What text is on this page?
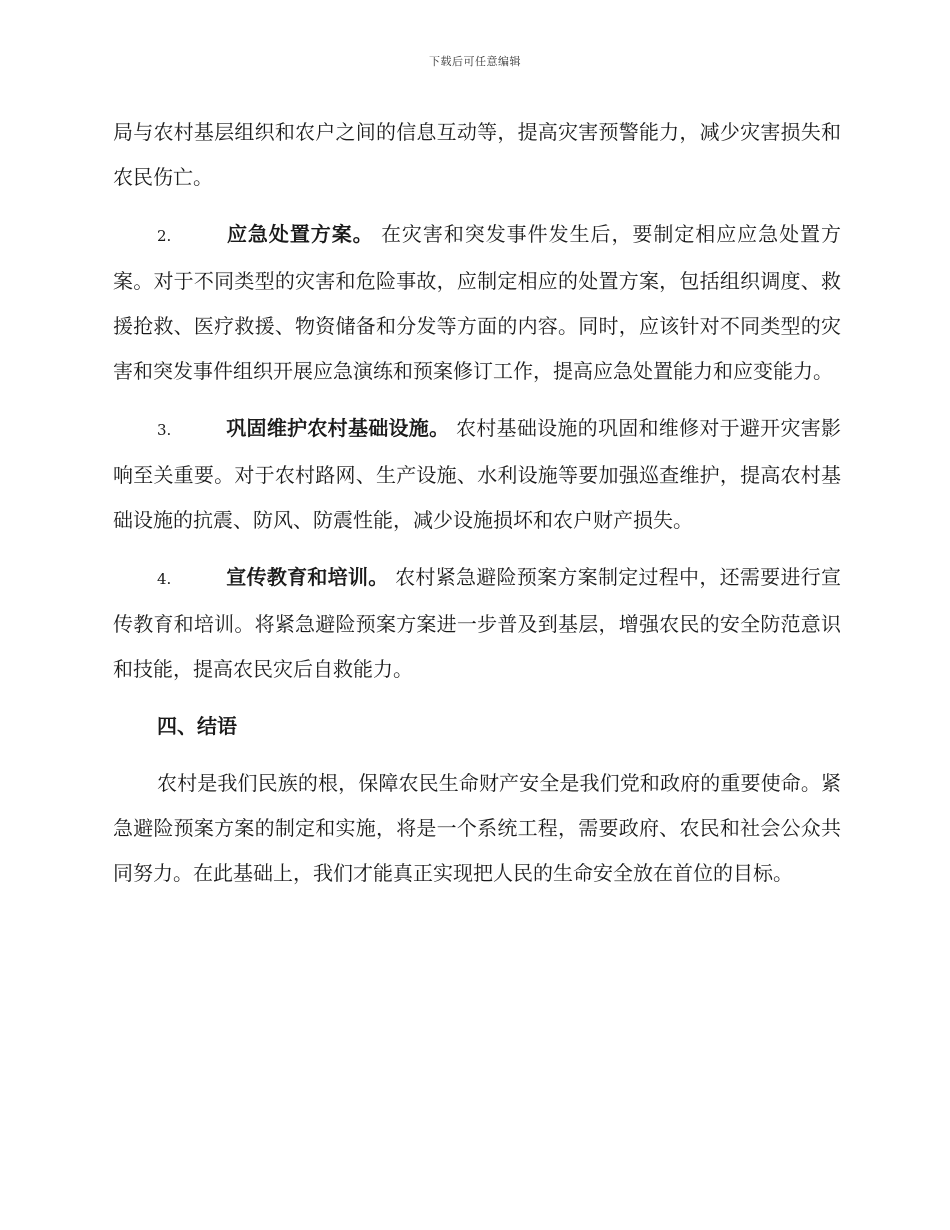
下载后可任意编辑

局与农村基层组织和农户之间的信息互动等，提高灾害预警能力，减少灾害损失和农民伤亡。

2.	应急处置方案。 在灾害和突发事件发生后，要制定相应应急处置方案。对于不同类型的灾害和危险事故，应制定相应的处置方案，包括组织调度、救援抢救、医疗救援、物资储备和分发等方面的内容。同时，应该针对不同类型的灾害和突发事件组织开展应急演练和预案修订工作，提高应急处置能力和应变能力。

3.	巩固维护农村基础设施。 农村基础设施的巩固和维修对于避开灾害影响至关重要。对于农村路网、生产设施、水利设施等要加强巡查维护，提高农村基础设施的抗震、防风、防震性能，减少设施损坏和农户财产损失。

4.	宣传教育和培训。 农村紧急避险预案方案制定过程中，还需要进行宣传教育和培训。将紧急避险预案方案进一步普及到基层，增强农民的安全防范意识和技能，提高农民灾后自救能力。

四、结语

农村是我们民族的根，保障农民生命财产安全是我们党和政府的重要使命。紧急避险预案方案的制定和实施，将是一个系统工程，需要政府、农民和社会公众共同努力。在此基础上，我们才能真正实现把人民的生命安全放在首位的目标。
